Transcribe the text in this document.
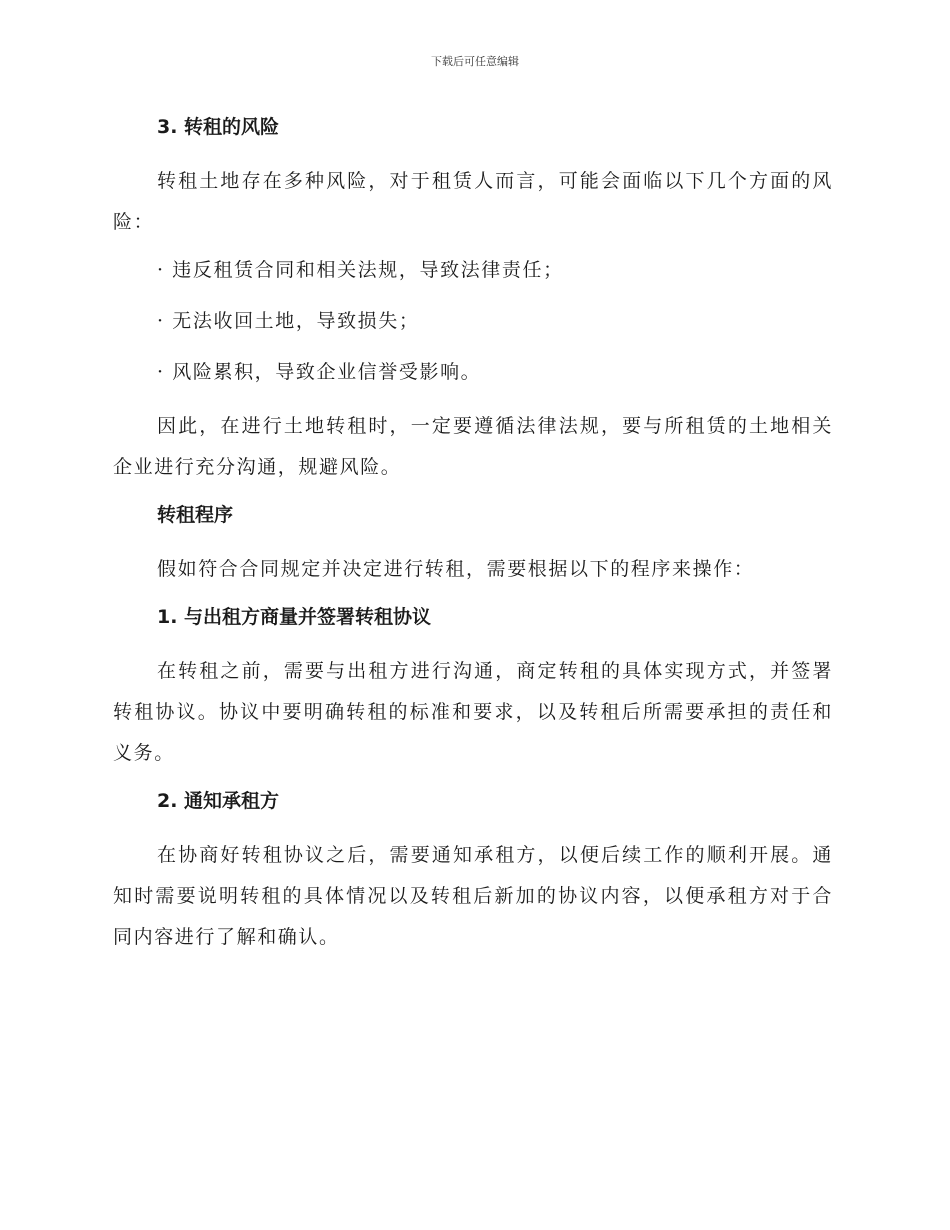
下载后可任意编辑
3. 转租的风险

转租土地存在多种风险，对于租赁人而言，可能会面临以下几个方面的风险：

· 违反租赁合同和相关法规，导致法律责任；
· 无法收回土地，导致损失；
· 风险累积，导致企业信誉受影响。

因此，在进行土地转租时，一定要遵循法律法规，要与所租赁的土地相关企业进行充分沟通，规避风险。

转租程序

假如符合合同规定并决定进行转租，需要根据以下的程序来操作：

1. 与出租方商量并签署转租协议

在转租之前，需要与出租方进行沟通，商定转租的具体实现方式，并签署转租协议。协议中要明确转租的标准和要求，以及转租后所需要承担的责任和义务。

2. 通知承租方

在协商好转租协议之后，需要通知承租方，以便后续工作的顺利开展。通知时需要说明转租的具体情况以及转租后新加的协议内容，以便承租方对于合同内容进行了解和确认。
